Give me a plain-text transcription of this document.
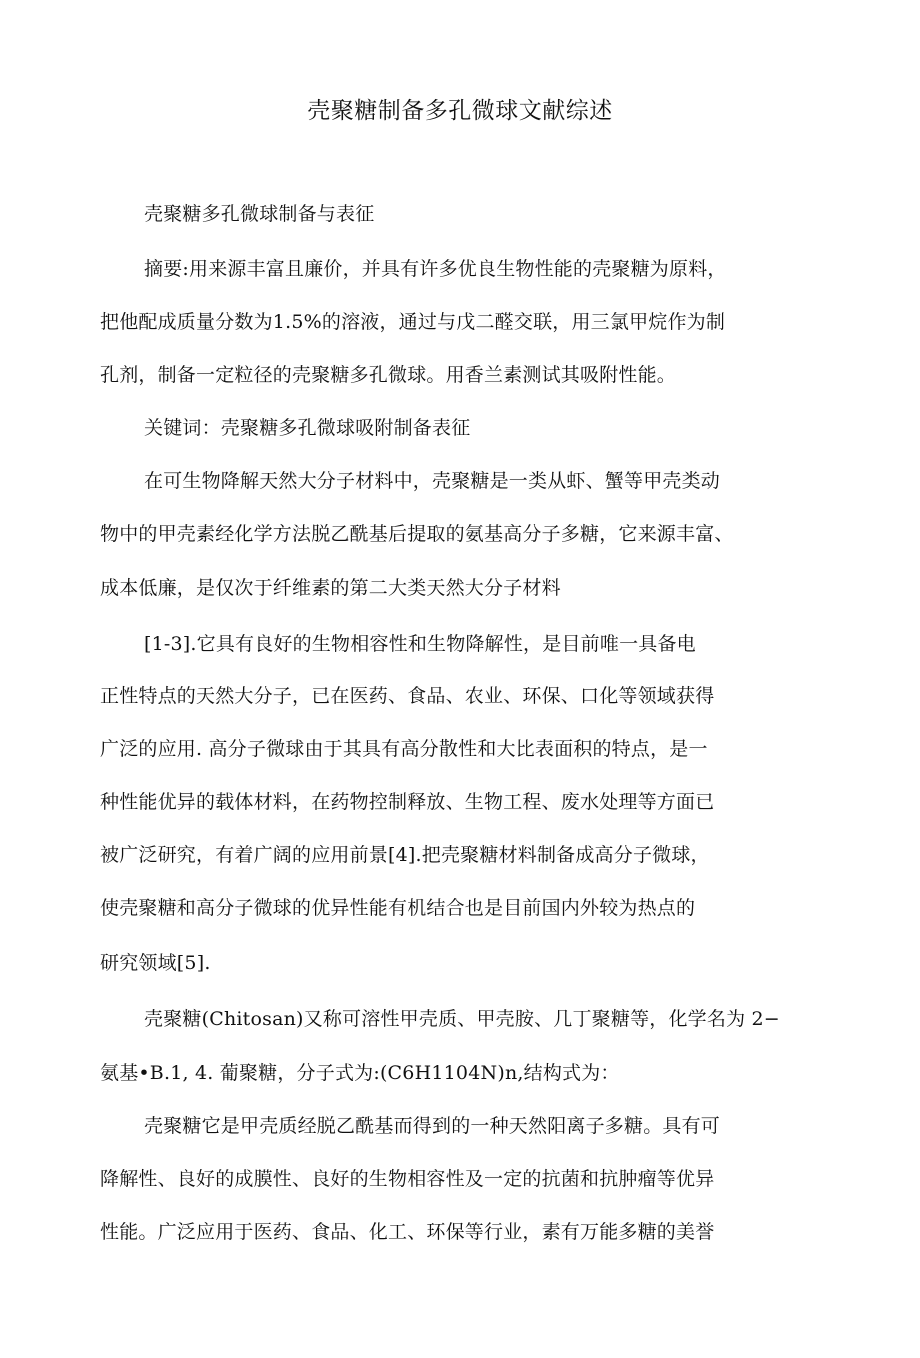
壳聚糖制备多孔微球文献综述
壳聚糖多孔微球制备与表征
摘要:用来源丰富且廉价，并具有许多优良生物性能的壳聚糖为原料，
把他配成质量分数为1.5%的溶液，通过与戊二醛交联，用三氯甲烷作为制
孔剂，制备一定粒径的壳聚糖多孔微球。用香兰素测试其吸附性能。
关键词：壳聚糖多孔微球吸附制备表征
在可生物降解天然大分子材料中，壳聚糖是一类从虾、蟹等甲壳类动
物中的甲壳素经化学方法脱乙酰基后提取的氨基高分子多糖，它来源丰富、
成本低廉，是仅次于纤维素的第二大类天然大分子材料
[1-3].它具有良好的生物相容性和生物降解性，是目前唯一具备电
正性特点的天然大分子，已在医药、食品、农业、环保、口化等领域获得
广泛的应用. 高分子微球由于其具有高分散性和大比表面积的特点，是一
种性能优异的载体材料，在药物控制释放、生物工程、废水处理等方面已
被广泛研究，有着广阔的应用前景[4].把壳聚糖材料制备成高分子微球，
使壳聚糖和高分子微球的优异性能有机结合也是目前国内外较为热点的
研究领域[5].
壳聚糖(Chitosan)又称可溶性甲壳质、甲壳胺、几丁聚糖等，化学名为 2−
氨基•B.1, 4. 葡聚糖，分子式为:(C6H1104N)n,结构式为：
壳聚糖它是甲壳质经脱乙酰基而得到的一种天然阳离子多糖。具有可
降解性、良好的成膜性、良好的生物相容性及一定的抗菌和抗肿瘤等优异
性能。广泛应用于医药、食品、化工、环保等行业，素有万能多糖的美誉
